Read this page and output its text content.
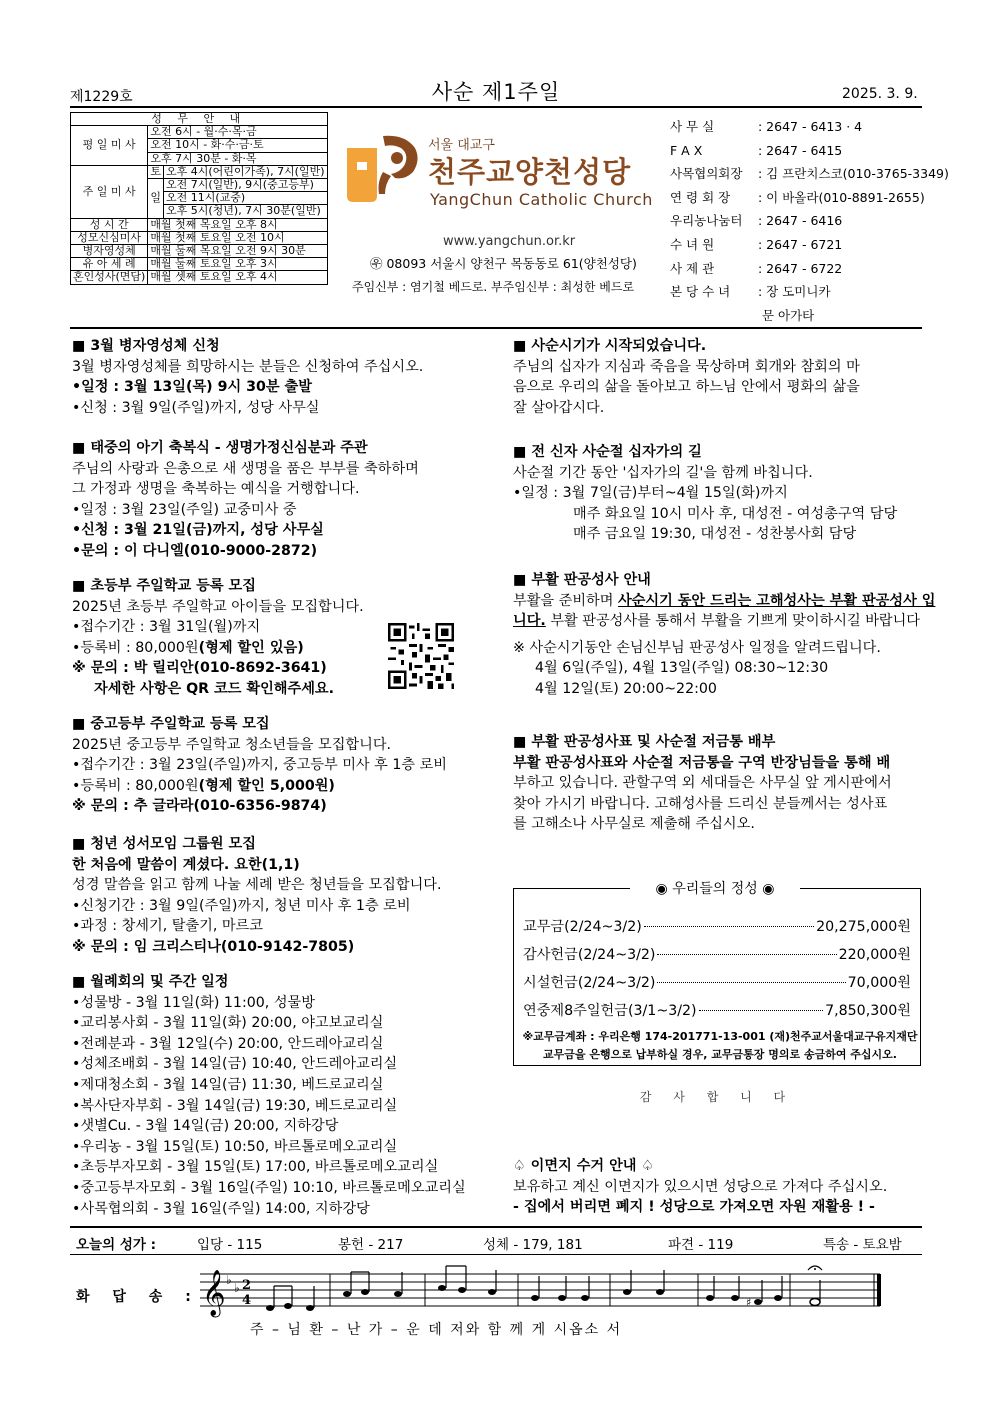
제1229호	사순 제1주일	2025. 3. 9.
성 무 안 내		
평 일 미 사	오전 6시 - 월·수·목·금	
	오전 10시 - 화·수·금·토	
	오후 7시 30분 - 화·목	
주 일 미 사	토	오후 4시(어린이가족), 7시(일반)
	일	오전 7시(일반), 9시(중고등부)
		오전 11시(교중)
		오후 5시(청년), 7시 30분(일반)
성 시 간	매월 첫째 목요일 오후 8시	
성모신심미사	매월 첫째 토요일 오전 10시	
병자영성체	매월 둘째 목요일 오전 9시 30분	
유 아 세 례	매월 둘째 토요일 오후 3시	
혼인성사(면담)	매월 셋째 토요일 오후 4시	
서울 대교구
천주교양천성당
YangChun Catholic Church
www.yangchun.or.kr
㉾ 08093 서울시 양천구 목동동로 61(양천성당)
주임신부 : 염기철 베드로. 부주임신부 : 최성한 베드로
사 무 실	: 2647 - 6413 · 4
F A X	: 2647 - 6415
사목협의회장 : 김 프란치스코(010-3765-3349)
연 령 회 장 : 이 바올라(010-8891-2655)
우리농나눔터 : 2647 - 6416
수 녀 원	: 2647 - 6721
사 제 관	: 2647 - 6722
본 당 수 녀 : 장 도미니카
문 아가타
■ 3월 병자영성체 신청
3월 병자영성체를 희망하시는 분들은 신청하여 주십시오.
•일정 : 3월 13일(목) 9시 30분 출발
•신청 : 3월 9일(주일)까지, 성당 사무실
■ 태중의 아기 축복식 - 생명가정신심분과 주관
주님의 사랑과 은총으로 새 생명을 품은 부부를 축하하며
그 가정과 생명을 축복하는 예식을 거행합니다.
•일정 : 3월 23일(주일) 교중미사 중
•신청 : 3월 21일(금)까지, 성당 사무실
•문의 : 이 다니엘(010-9000-2872)
■ 초등부 주일학교 등록 모집
2025년 초등부 주일학교 아이들을 모집합니다.
•접수기간 : 3월 31일(월)까지
•등록비 : 80,000원(형제 할인 있음)
※ 문의 : 박 릴리안(010-8692-3641)
자세한 사항은 QR 코드 확인해주세요.
■ 중고등부 주일학교 등록 모집
2025년 중고등부 주일학교 청소년들을 모집합니다.
•접수기간 : 3월 23일(주일)까지, 중고등부 미사 후 1층 로비
•등록비 : 80,000원(형제 할인 5,000원)
※ 문의 : 추 글라라(010-6356-9874)
■ 청년 성서모임 그룹원 모집
한 처음에 말씀이 계셨다. 요한(1,1)
성경 말씀을 읽고 함께 나눌 세례 받은 청년들을 모집합니다.
•신청기간 : 3월 9일(주일)까지, 청년 미사 후 1층 로비
•과정 : 창세기, 탈출기, 마르코
※ 문의 : 임 크리스티나(010-9142-7805)
■ 월례회의 및 주간 일정
•성물방 - 3월 11일(화) 11:00, 성물방
•교리봉사회 - 3월 11일(화) 20:00, 야고보교리실
•전례분과 - 3월 12일(수) 20:00, 안드레아교리실
•성체조배회 - 3월 14일(금) 10:40, 안드레아교리실
•제대청소회 - 3월 14일(금) 11:30, 베드로교리실
•복사단자부회 - 3월 14일(금) 19:30, 베드로교리실
•샛별Cu. - 3월 14일(금) 20:00, 지하강당
•우리농 - 3월 15일(토) 10:50, 바르톨로메오교리실
•초등부자모회 - 3월 15일(토) 17:00, 바르톨로메오교리실
•중고등부자모회 - 3월 16일(주일) 10:10, 바르톨로메오교리실
•사목협의회 - 3월 16일(주일) 14:00, 지하강당
■ 사순시기가 시작되었습니다.
주님의 십자가 지심과 죽음을 묵상하며 회개와 참회의 마
음으로 우리의 삶을 돌아보고 하느님 안에서 평화의 삶을
잘 살아갑시다.
■ 전 신자 사순절 십자가의 길
사순절 기간 동안 '십자가의 길'을 함께 바칩니다.
•일정 : 3월 7일(금)부터~4월 15일(화)까지
매주 화요일 10시 미사 후, 대성전 - 여성총구역 담당
매주 금요일 19:30, 대성전 - 성찬봉사회 담당
■ 부활 판공성사 안내
부활을 준비하며 사순시기 동안 드리는 고해성사는 부활 판공성사 입
니다. 부활 판공성사를 통해서 부활을 기쁘게 맞이하시길 바랍니다
※ 사순시기동안 손님신부님 판공성사 일정을 알려드립니다.
4월 6일(주일), 4월 13일(주일) 08:30~12:30
4월 12일(토) 20:00~22:00
■ 부활 판공성사표 및 사순절 저금통 배부
부활 판공성사표와 사순절 저금통을 구역 반장님들을 통해 배
부하고 있습니다. 관할구역 외 세대들은 사무실 앞 게시판에서
찾아 가시기 바랍니다. 고해성사를 드리신 분들께서는 성사표
를 고해소나 사무실로 제출해 주십시오.
◉ 우리들의 정성 ◉
교무금(2/24~3/2)	20,275,000원
감사헌금(2/24~3/2)	220,000원
시설헌금(2/24~3/2)	70,000원
연중제8주일헌금(3/1~3/2)	7,850,300원
※교무금계좌 : 우리은행 174-201771-13-001 (재)천주교서울대교구유지재단
교무금을 은행으로 납부하실 경우, 교무금통장 명의로 송금하여 주십시오.
감 사 합 니 다
♤ 이면지 수거 안내 ♤
보유하고 계신 이면지가 있으시면 성당으로 가져다 주십시오.
- 집에서 버리면 폐지 ! 성당으로 가져오면 자원 재활용 ! -
오늘의 성가 :	입당 - 115	봉헌 - 217	성체 - 179, 181	파견 - 119	특송 - 토요밤
화 답 송 : 𝄞 ♭
♭ 2
4	♯
주 – 님 환 – 난 가 – 운 데 저와 함 께 게 시옵소 서
